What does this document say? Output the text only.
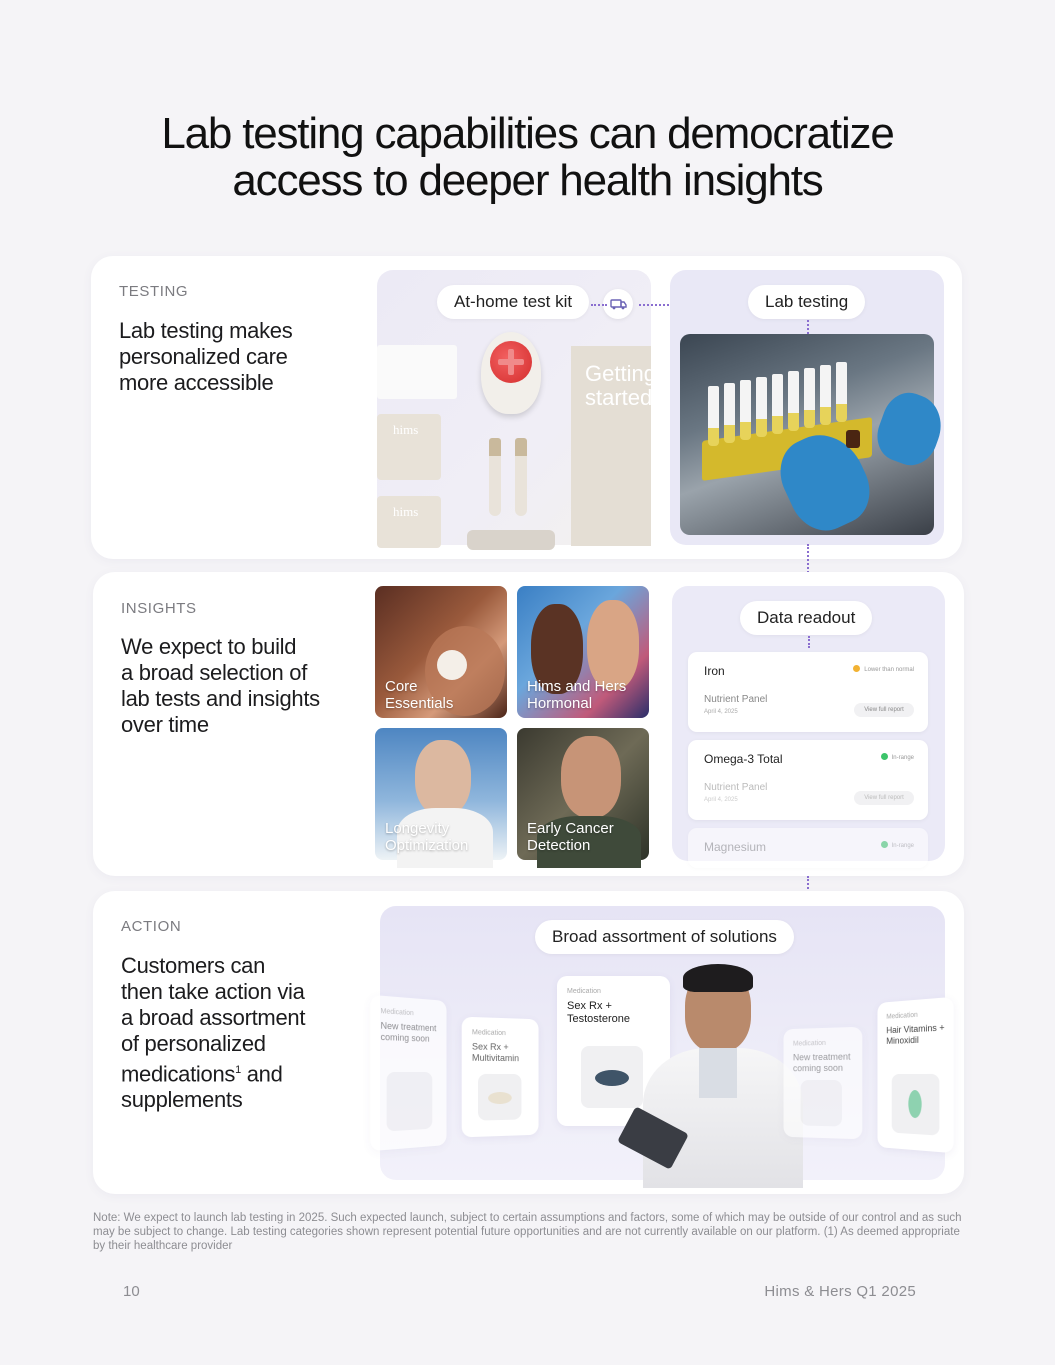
Lab testing capabilities can democratize
access to deeper health insights
TESTING
Lab testing makes
personalized care
more accessible
hims
hims
Getting started
At-home test kit	Lab testing
INSIGHTS
We expect to build
a broad selection of
lab tests and insights
over time
Core
Essentials
Hims and Hers
Hormonal
Longevity
Optimization
Early Cancer
Detection
Data readout
Iron	Lower than normal
Nutrient Panel
April 4, 2025	View full report
Omega-3 Total	In-range
Nutrient Panel
April 4, 2025	View full report
Magnesium	In-range
ACTION
Customers can
then take action via
a broad assortment
of personalized
medications$^1$ and
supplements
Broad assortment of solutions
Medication
New treatment coming soon	Medication
Sex Rx + Multivitamin
Medication
Sex Rx + Testosterone
Medication
New treatment coming soon
Medication
Hair Vitamins + Minoxidil
Note: We expect to launch lab testing in 2025. Such expected launch, subject to certain assumptions and factors, some of which may be outside of our control and as such may be subject to change. Lab testing categories shown represent potential future opportunities and are not currently available on our platform. (1) As deemed appropriate by their healthcare provider
10	Hims & Hers Q1 2025
